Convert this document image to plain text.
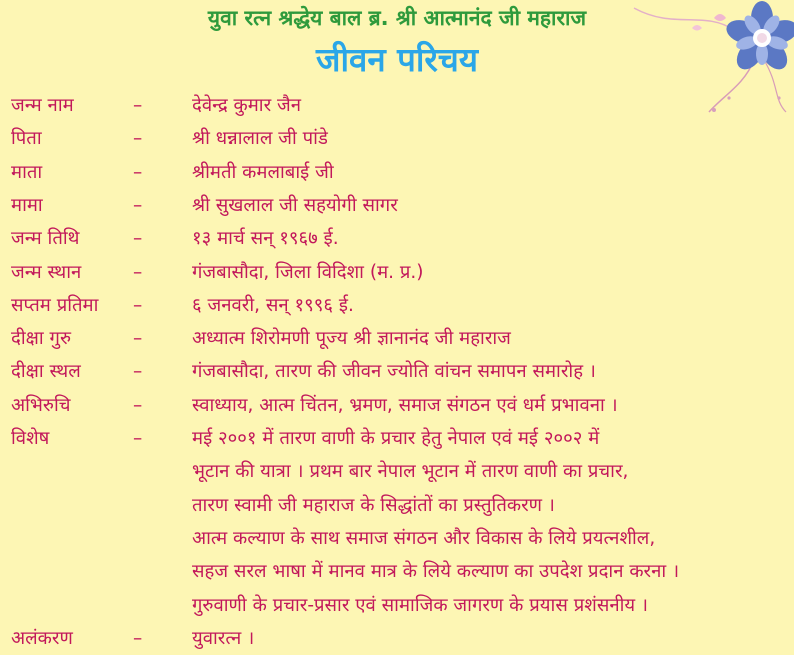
युवा रत्न श्रद्धेय बाल ब्र. श्री आत्मानंद जी महाराज
जीवन परिचय
जन्म नाम	–	देवेन्द्र कुमार जैन
पिता	–	श्री धन्नालाल जी पांडे
माता	–	श्रीमती कमलाबाई जी
मामा	–	श्री सुखलाल जी सहयोगी सागर
जन्म तिथि	–	१३ मार्च सन् १९६७ ई.
जन्म स्थान	–	गंजबासौदा, जिला विदिशा (म. प्र.)
सप्तम प्रतिमा –	६ जनवरी, सन् १९९६ ई.
दीक्षा गुरु	–	अध्यात्म शिरोमणी पूज्य श्री ज्ञानानंद जी महाराज
दीक्षा स्थल	–	गंजबासौदा, तारण की जीवन ज्योति वांचन समापन समारोह ।
अभिरुचि	–	स्वाध्याय, आत्म चिंतन, भ्रमण, समाज संगठन एवं धर्म प्रभावना ।
विशेष	–	मई २००१ में तारण वाणी के प्रचार हेतु नेपाल एवं मई २००२ में
भूटान की यात्रा । प्रथम बार नेपाल भूटान में तारण वाणी का प्रचार,
तारण स्वामी जी महाराज के सिद्धांतों का प्रस्तुतिकरण ।
आत्म कल्याण के साथ समाज संगठन और विकास के लिये प्रयत्नशील,
सहज सरल भाषा में मानव मात्र के लिये कल्याण का उपदेश प्रदान करना ।
गुरुवाणी के प्रचार-प्रसार एवं सामाजिक जागरण के प्रयास प्रशंसनीय ।
अलंकरण	–	युवारत्न ।
